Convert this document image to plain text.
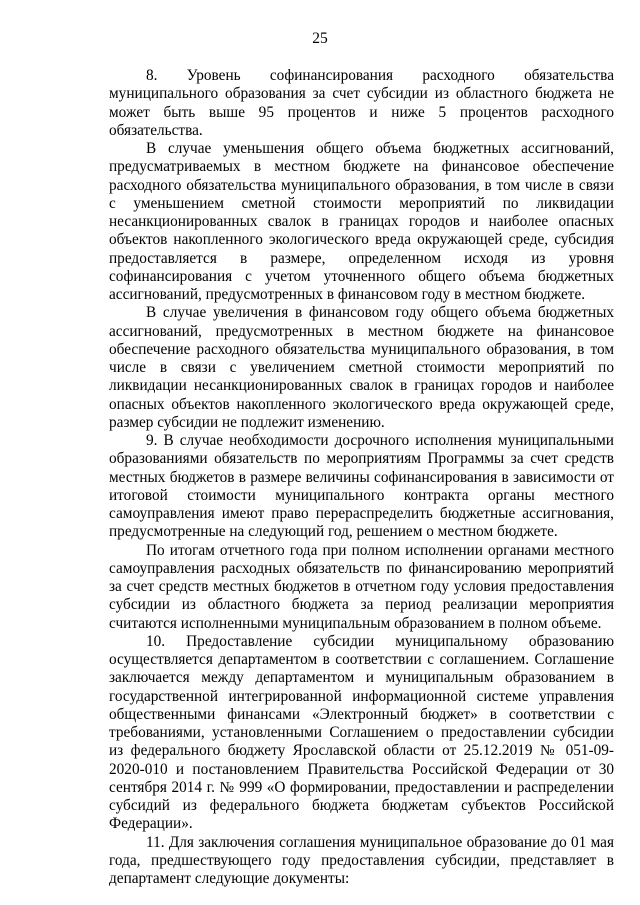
25

8. Уровень софинансирования расходного обязательства муниципального образования за счет субсидии из областного бюджета не может быть выше 95 процентов и ниже 5 процентов расходного обязательства.

В случае уменьшения общего объема бюджетных ассигнований, предусматриваемых в местном бюджете на финансовое обеспечение расходного обязательства муниципального образования, в том числе в связи с уменьшением сметной стоимости мероприятий по ликвидации несанкционированных свалок в границах городов и наиболее опасных объектов накопленного экологического вреда окружающей среде, субсидия предоставляется в размере, определенном исходя из уровня софинансирования с учетом уточненного общего объема бюджетных ассигнований, предусмотренных в финансовом году в местном бюджете.

В случае увеличения в финансовом году общего объема бюджетных ассигнований, предусмотренных в местном бюджете на финансовое обеспечение расходного обязательства муниципального образования, в том числе в связи с увеличением сметной стоимости мероприятий по ликвидации несанкционированных свалок в границах городов и наиболее опасных объектов накопленного экологического вреда окружающей среде, размер субсидии не подлежит изменению.

9. В случае необходимости досрочного исполнения муниципальными образованиями обязательств по мероприятиям Программы за счет средств местных бюджетов в размере величины софинансирования в зависимости от итоговой стоимости муниципального контракта органы местного самоуправления имеют право перераспределить бюджетные ассигнования, предусмотренные на следующий год, решением о местном бюджете.

По итогам отчетного года при полном исполнении органами местного самоуправления расходных обязательств по финансированию мероприятий за счет средств местных бюджетов в отчетном году условия предоставления субсидии из областного бюджета за период реализации мероприятия считаются исполненными муниципальным образованием в полном объеме.

10. Предоставление субсидии муниципальному образованию осуществляется департаментом в соответствии с соглашением. Соглашение заключается между департаментом и муниципальным образованием в государственной интегрированной информационной системе управления общественными финансами «Электронный бюджет» в соответствии с требованиями, установленными Соглашением о предоставлении субсидии из федерального бюджету Ярославской области от 25.12.2019 № 051-09-2020-010 и постановлением Правительства Российской Федерации от 30 сентября 2014 г. № 999 «О формировании, предоставлении и распределении субсидий из федерального бюджета бюджетам субъектов Российской Федерации».

11. Для заключения соглашения муниципальное образование до 01 мая года, предшествующего году предоставления субсидии, представляет в департамент следующие документы:
